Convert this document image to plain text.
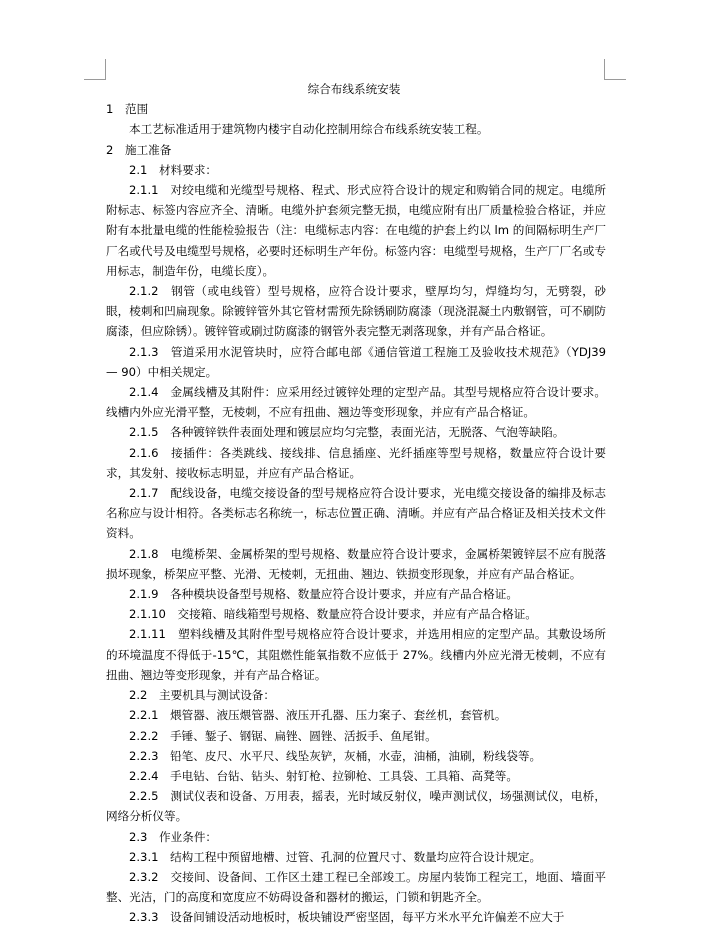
综合布线系统安装

1　范围

本工艺标准适用于建筑物内楼宇自动化控制用综合布线系统安装工程。

2　施工准备

2.1　材料要求：

2.1.1　对绞电缆和光缆型号规格、程式、形式应符合设计的规定和购销合同的规定。电缆所附标志、标签内容应齐全、清晰。电缆外护套须完整无损，电缆应附有出厂质量检验合格证，并应附有本批量电缆的性能检验报告（注：电缆标志内容：在电缆的护套上约以 lm 的间隔标明生产厂厂名或代号及电缆型号规格，必要时还标明生产年份。标签内容：电缆型号规格，生产厂厂名或专用标志，制造年份，电缆长度）。

2.1.2　钢管（或电线管）型号规格，应符合设计要求，壁厚均匀，焊缝均匀，无劈裂，砂眼，棱刺和凹扁现象。除镀锌管外其它管材需预先除锈刷防腐漆（现浇混凝土内敷钢管，可不刷防腐漆，但应除锈）。镀锌管或刷过防腐漆的钢管外表完整无剥落现象，并有产品合格证。

2.1.3　管道采用水泥管块时，应符合邮电部《通信管道工程施工及验收技术规范》（YDJ39 — 90）中相关规定。

2.1.4　金属线槽及其附件：应采用经过镀锌处理的定型产品。其型号规格应符合设计要求。线槽内外应光滑平整，无棱刺，不应有扭曲、翘边等变形现象，并应有产品合格证。

2.1.5　各种镀锌铁件表面处理和镀层应均匀完整，表面光洁，无脱落、气泡等缺陷。

2.1.6　接插件：各类跳线、接线排、信息插座、光纤插座等型号规格，数量应符合设计要求，其发射、接收标志明显，并应有产品合格证。

2.1.7　配线设备，电缆交接设备的型号规格应符合设计要求，光电缆交接设备的编排及标志名称应与设计相符。各类标志名称统一，标志位置正确、清晰。并应有产品合格证及相关技术文件资料。

2.1.8　电缆桥架、金属桥架的型号规格、数量应符合设计要求，金属桥架镀锌层不应有脱落损坏现象，桥架应平整、光滑、无棱刺，无扭曲、翘边、铁损变形现象，并应有产品合格证。

2.1.9　各种模块设备型号规格、数量应符合设计要求，并应有产品合格证。

2.1.10　交接箱、暗线箱型号规格、数量应符合设计要求，并应有产品合格证。

2.1.11　塑料线槽及其附件型号规格应符合设计要求，并选用相应的定型产品。其敷设场所的环境温度不得低于-15℃，其阻燃性能氧指数不应低于 27%。线槽内外应光滑无棱刺，不应有扭曲、翘边等变形现象，并有产品合格证。

2.2　主要机具与测试设备：

2.2.1　煨管器、液压煨管器、液压开孔器、压力案子、套丝机，套管机。

2.2.2　手锤、錾子、钢锯、扁锉、圆锉、活扳手、鱼尾钳。

2.2.3　铅笔、皮尺、水平尺、线坠灰铲，灰桶，水壶，油桶，油刷，粉线袋等。

2.2.4　手电钻、台钻、钻头、射钉枪、拉铆枪、工具袋、工具箱、高凳等。

2.2.5　测试仪表和设备、万用表，摇表，光时域反射仪，噪声测试仪，场强测试仪，电桥，网络分析仪等。

2.3　作业条件：

2.3.1　结构工程中预留地槽、过管、孔洞的位置尺寸、数量均应符合设计规定。

2.3.2　交接间、设备间、工作区土建工程已全部竣工。房屋内装饰工程完工，地面、墙面平整、光洁，门的高度和宽度应不妨碍设备和器材的搬运，门锁和钥匙齐全。

2.3.3　设备间铺设活动地板时，板块铺设严密坚固，每平方米水平允许偏差不应大于
